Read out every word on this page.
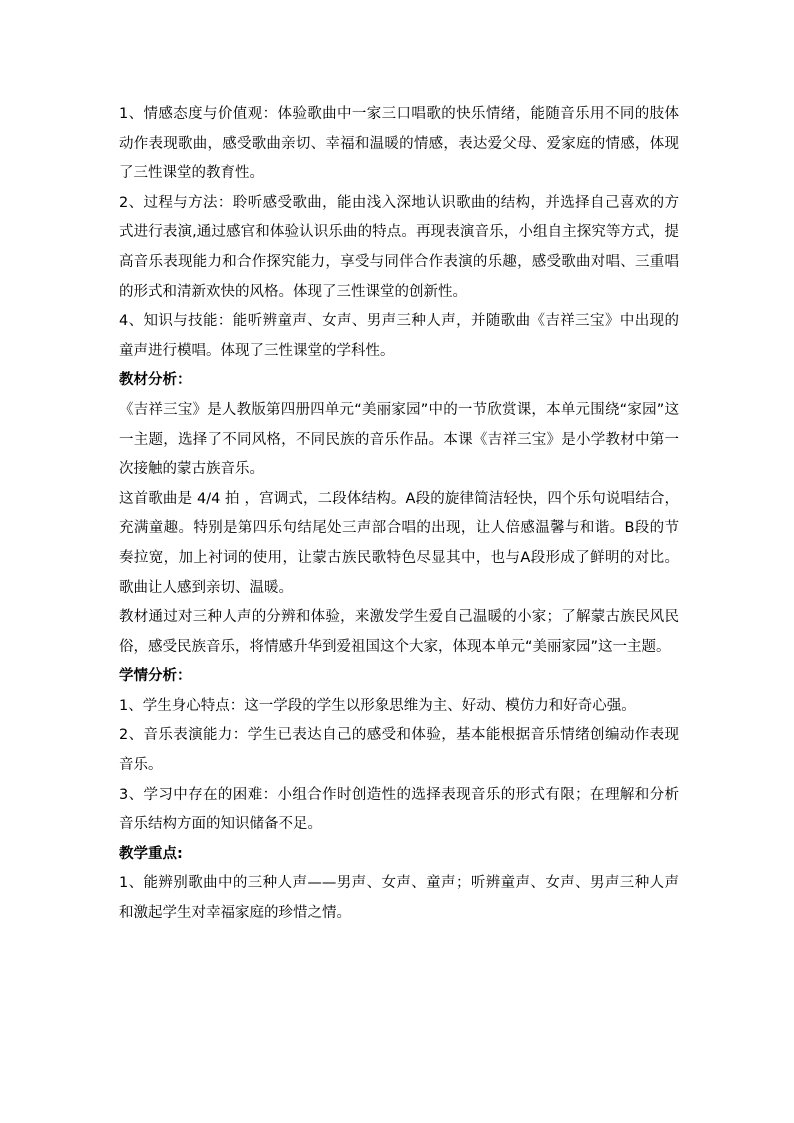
1、情感态度与价值观：体验歌曲中一家三口唱歌的快乐情绪，能随音乐用不同的肢体动作表现歌曲，感受歌曲亲切、幸福和温暖的情感，表达爱父母、爱家庭的情感，体现了三性课堂的教育性。

2、过程与方法：聆听感受歌曲，能由浅入深地认识歌曲的结构，并选择自己喜欢的方式进行表演,通过感官和体验认识乐曲的特点。再现表演音乐，小组自主探究等方式，提高音乐表现能力和合作探究能力，享受与同伴合作表演的乐趣，感受歌曲对唱、三重唱的形式和清新欢快的风格。体现了三性课堂的创新性。

4、知识与技能：能听辨童声、女声、男声三种人声，并随歌曲《吉祥三宝》中出现的童声进行模唱。体现了三性课堂的学科性。

教材分析：

《吉祥三宝》是人教版第四册四单元“美丽家园”中的一节欣赏课，本单元围绕“家园”这一主题，选择了不同风格，不同民族的音乐作品。本课《吉祥三宝》是小学教材中第一次接触的蒙古族音乐。

这首歌曲是 4/4 拍 ，宫调式，二段体结构。A段的旋律简洁轻快，四个乐句说唱结合，充满童趣。特别是第四乐句结尾处三声部合唱的出现，让人倍感温馨与和谐。B段的节奏拉宽，加上衬词的使用，让蒙古族民歌特色尽显其中，也与A段形成了鲜明的对比。歌曲让人感到亲切、温暖。

教材通过对三种人声的分辨和体验，来激发学生爱自己温暖的小家；了解蒙古族民风民俗，感受民族音乐，将情感升华到爱祖国这个大家，体现本单元“美丽家园”这一主题。

学情分析：

1、学生身心特点：这一学段的学生以形象思维为主、好动、模仿力和好奇心强。

2、音乐表演能力：学生已表达自己的感受和体验，基本能根据音乐情绪创编动作表现音乐。

3、学习中存在的困难：小组合作时创造性的选择表现音乐的形式有限；在理解和分析音乐结构方面的知识储备不足。

教学重点:

1、能辨别歌曲中的三种人声——男声、女声、童声；听辨童声、女声、男声三种人声和激起学生对幸福家庭的珍惜之情。
